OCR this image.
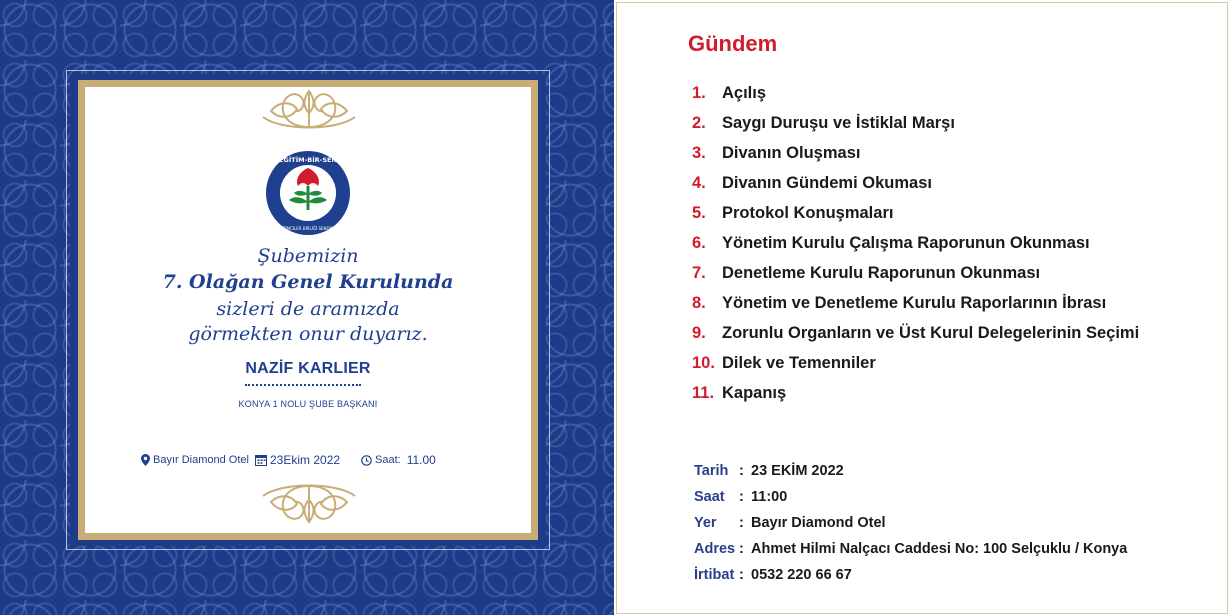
EĞİTİM-BİR-SEN
EĞİTİMCİLER BİRLİĞİ SENDİKASI
Şubemizin
7. Olağan Genel Kurulunda
sizleri de aramızda
görmekten onur duyarız.
NAZİF KARLIER
KONYA 1 NOLU ŞUBE BAŞKANI
Bayır Diamond Otel 23 Ekim 2022	Saat: 11.00
Gündem
1. Açılış
2. Saygı Duruşu ve İstiklal Marşı
3. Divanın Oluşması
4. Divanın Gündemi Okuması
5. Protokol Konuşmaları
6. Yönetim Kurulu Çalışma Raporunun Okunması
7. Denetleme Kurulu Raporunun Okunması
8. Yönetim ve Denetleme Kurulu Raporlarının İbrası
9. Zorunlu Organların ve Üst Kurul Delegelerinin Seçimi
10. Dilek ve Temenniler
11. Kapanış
Tarih : 23 EKİM 2022
Saat : 11:00
Yer : Bayır Diamond Otel
Adres : Ahmet Hilmi Nalçacı Caddesi No: 100 Selçuklu / Konya
İrtibat : 0532 220 66 67
